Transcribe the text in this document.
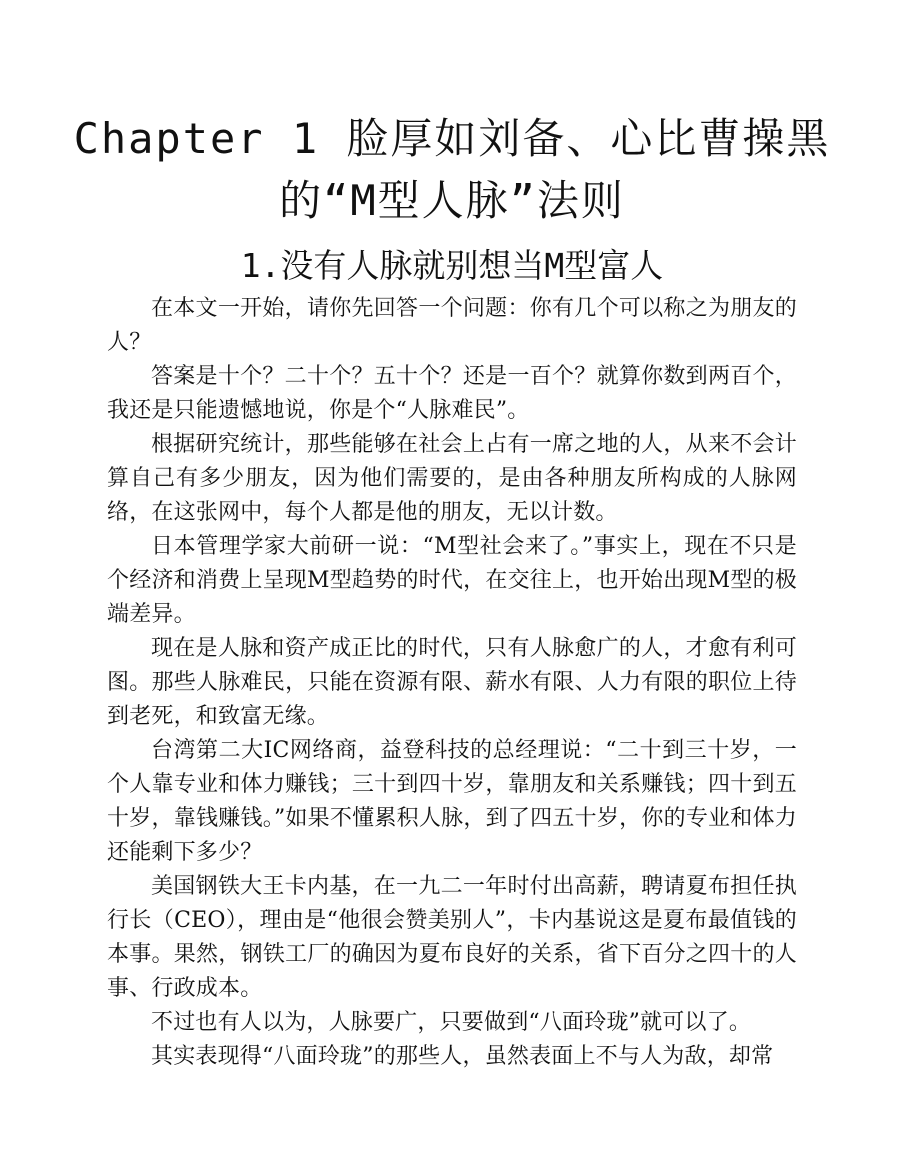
Chapter 1 脸厚如刘备、心比曹操黑的“M型人脉”法则
1.没有人脉就别想当M型富人

在本文一开始，请你先回答一个问题：你有几个可以称之为朋友的人？

答案是十个？二十个？五十个？还是一百个？就算你数到两百个，我还是只能遗憾地说，你是个“人脉难民”。

根据研究统计，那些能够在社会上占有一席之地的人，从来不会计算自己有多少朋友，因为他们需要的，是由各种朋友所构成的人脉网络，在这张网中，每个人都是他的朋友，无以计数。

日本管理学家大前研一说：“M型社会来了。”事实上，现在不只是个经济和消费上呈现M型趋势的时代，在交往上，也开始出现M型的极端差异。

现在是人脉和资产成正比的时代，只有人脉愈广的人，才愈有利可图。那些人脉难民，只能在资源有限、薪水有限、人力有限的职位上待到老死，和致富无缘。

台湾第二大IC网络商，益登科技的总经理说：“二十到三十岁，一个人靠专业和体力赚钱；三十到四十岁，靠朋友和关系赚钱；四十到五十岁，靠钱赚钱。”如果不懂累积人脉，到了四五十岁，你的专业和体力还能剩下多少？

美国钢铁大王卡内基，在一九二一年时付出高薪，聘请夏布担任执行长（CEO），理由是“他很会赞美别人”，卡内基说这是夏布最值钱的本事。果然，钢铁工厂的确因为夏布良好的关系，省下百分之四十的人事、行政成本。

不过也有人以为，人脉要广，只要做到“八面玲珑”就可以了。

其实表现得“八面玲珑”的那些人，虽然表面上不与人为敌，却常
